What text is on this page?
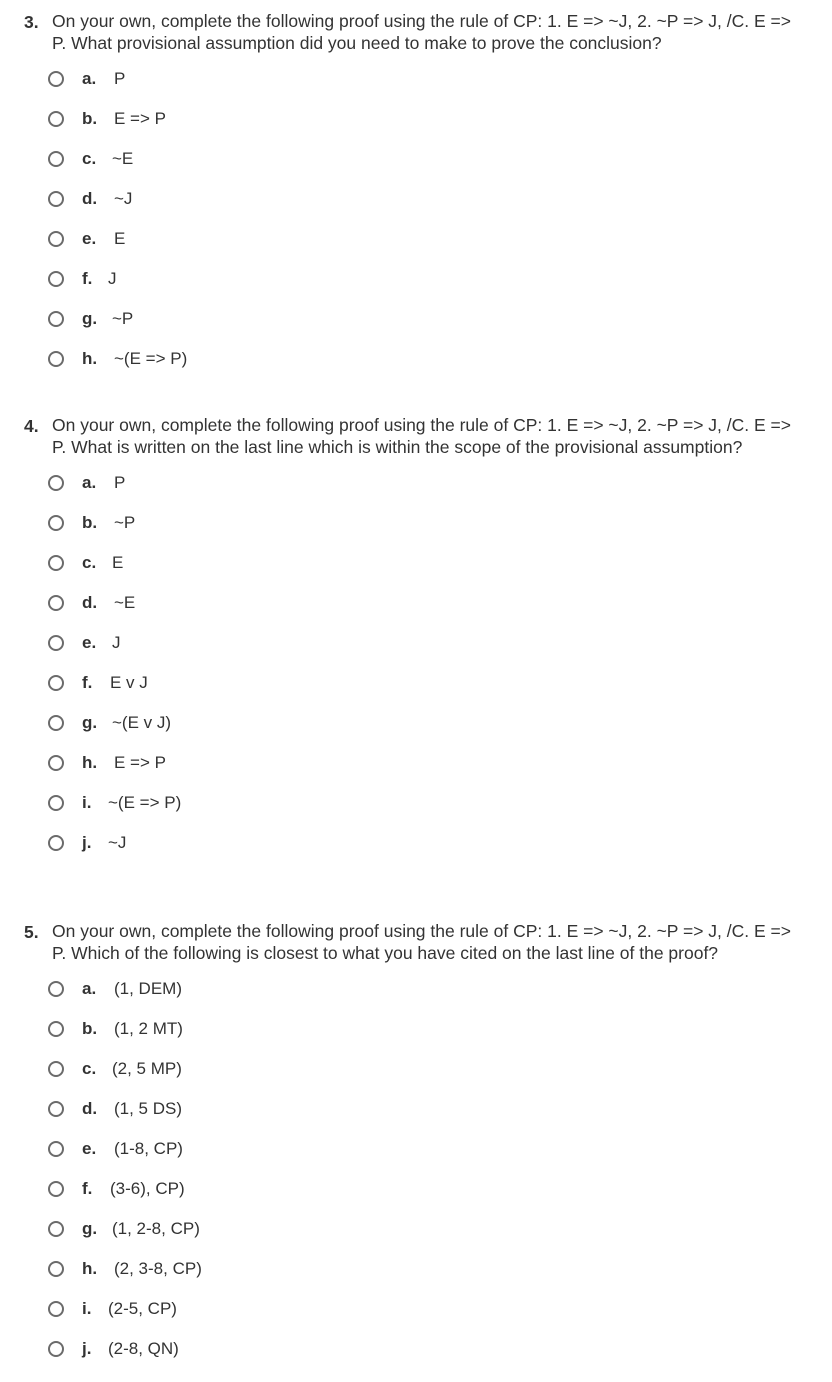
3. On your own, complete the following proof using the rule of CP: 1. E => ~J, 2. ~P => J, /C. E => P. What provisional assumption did you need to make to prove the conclusion?
a. P
b. E => P
c. ~E
d. ~J
e. E
f. J
g. ~P
h. ~(E => P)
4. On your own, complete the following proof using the rule of CP: 1. E => ~J, 2. ~P => J, /C. E => P. What is written on the last line which is within the scope of the provisional assumption?
a. P
b. ~P
c. E
d. ~E
e. J
f. E v J
g. ~(E v J)
h. E => P
i. ~(E => P)
j. ~J
5. On your own, complete the following proof using the rule of CP: 1. E => ~J, 2. ~P => J, /C. E => P. Which of the following is closest to what you have cited on the last line of the proof?
a. (1, DEM)
b. (1, 2 MT)
c. (2, 5 MP)
d. (1, 5 DS)
e. (1-8, CP)
f. (3-6), CP)
g. (1, 2-8, CP)
h. (2, 3-8, CP)
i. (2-5, CP)
j. (2-8, QN)
